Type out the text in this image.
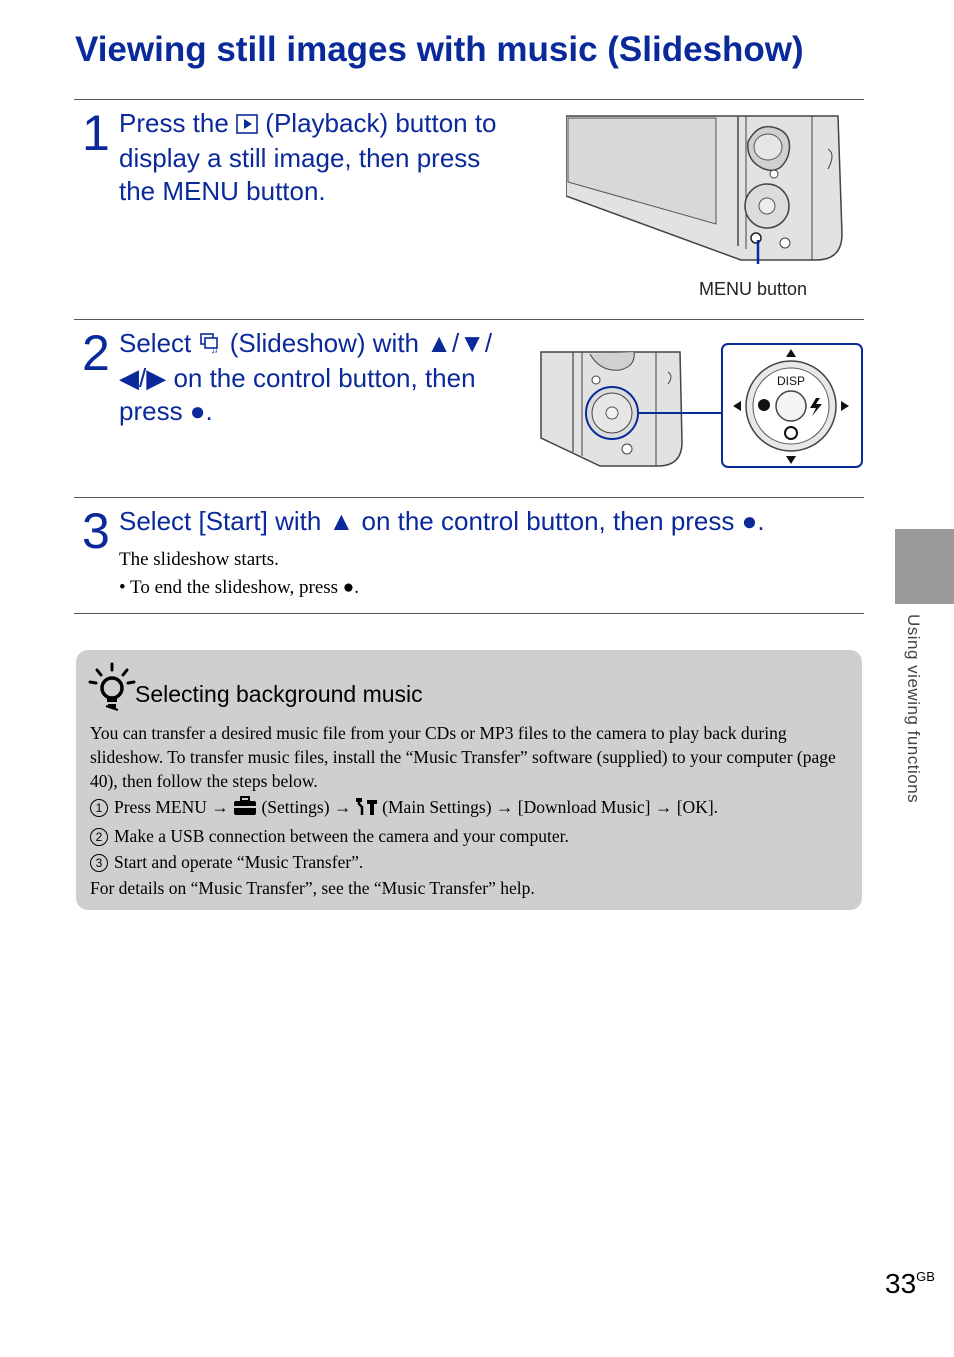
Viewing still images with music (Slideshow)
1 Press the  (Playback) button to
display a still image, then press
the MENU button.
MENU button
2 Select ♫ (Slideshow) with ▲/▼/
◀/▶ on the control button, then
press ●.
DISP
3 Select [Start] with ▲ on the control button, then press ●.
The slideshow starts.
• To end the slideshow, press ●.
Selecting background music

You can transfer a desired music file from your CDs or MP3 files to the camera to play back during slideshow. To transfer music files, install the “Music Transfer” software (supplied) to your computer (page 40), then follow the steps below.

1 Press MENU →  (Settings) →  (Main Settings) → [Download Music] → [OK].

2 Make a USB connection between the camera and your computer.

3 Start and operate “Music Transfer”.

For details on “Music Transfer”, see the “Music Transfer” help.

Using viewing functions
$33^{GB}$
